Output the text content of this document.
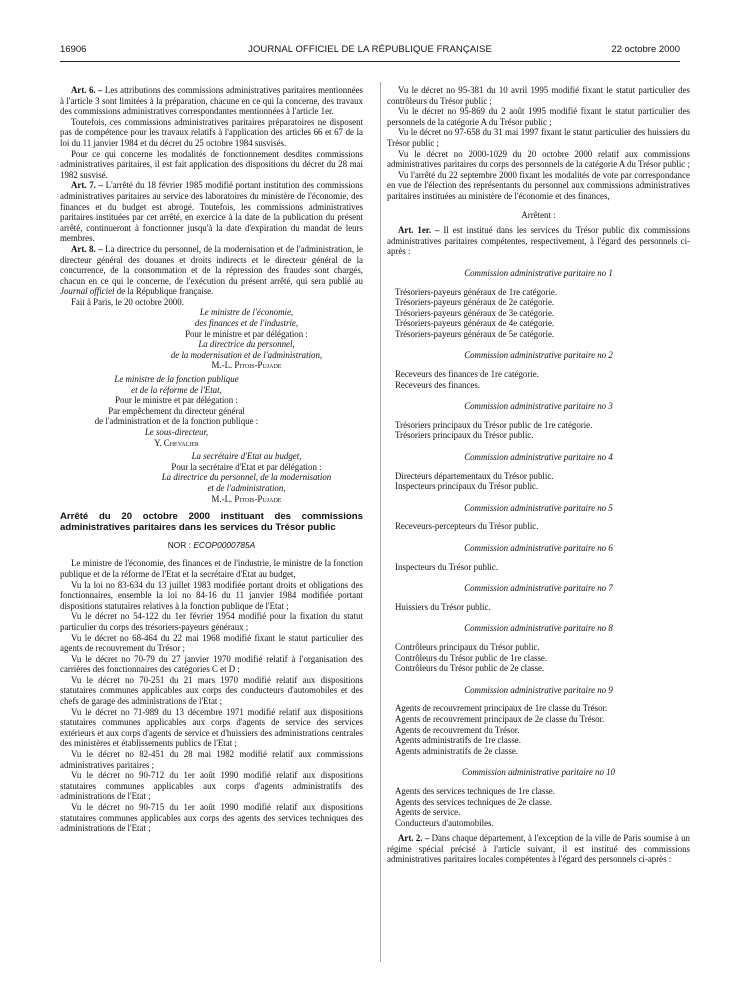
16906	JOURNAL OFFICIEL DE LA RÉPUBLIQUE FRANÇAISE	22 octobre 2000

Art. 6. – Les attributions des commissions administratives paritaires mentionnées à l'article 3 sont limitées à la préparation, chacune en ce qui la concerne, des travaux des commissions administratives correspondantes mentionnées à l'article 1er.

Toutefois, ces commissions administratives paritaires préparatoires ne disposent pas de compétence pour les travaux relatifs à l'application des articles 66 et 67 de la loi du 11 janvier 1984 et du décret du 25 octobre 1984 susvisés.

Pour ce qui concerne les modalités de fonctionnement desdites commissions administratives paritaires, il est fait application des dispositions du décret du 28 mai 1982 susvisé.

Art. 7. – L'arrêté du 18 février 1985 modifié portant institution des commissions administratives paritaires au service des laboratoires du ministère de l'économie, des finances et du budget est abrogé. Toutefois, les commissions administratives paritaires instituées par cet arrêté, en exercice à la date de la publication du présent arrêté, continueront à fonctionner jusqu'à la date d'expiration du mandat de leurs membres.

Art. 8. – La directrice du personnel, de la modernisation et de l'administration, le directeur général des douanes et droits indirects et le directeur général de la concurrence, de la consommation et de la répression des fraudes sont chargés, chacun en ce qui le concerne, de l'exécution du présent arrêté, qui sera publié au Journal officiel de la République française.

Fait à Paris, le 20 octobre 2000.

Le ministre de l'économie,
des finances et de l'industrie,
Pour le ministre et par délégation :
La directrice du personnel,
de la modernisation et de l'administration,
M.-L. Pitois-Pujade
Le ministre de la fonction publique
et de la réforme de l'Etat,
Pour le ministre et par délégation :
Par empêchement du directeur général
de l'administration et de la fonction publique :
Le sous-directeur,
Y. Chevalier
La secrétaire d'Etat au budget,
Pour la secrétaire d'Etat et par délégation :
La directrice du personnel, de la modernisation
et de l'administration,
M.-L. Pitois-Pujade

Arrêté du 20 octobre 2000 instituant des commissions administratives paritaires dans les services du Trésor public

NOR : ECOP0000785A

Le ministre de l'économie, des finances et de l'industrie, le ministre de la fonction publique et de la réforme de l'Etat et la secrétaire d'Etat au budget,

Vu la loi no 83-634 du 13 juillet 1983 modifiée portant droits et obligations des fonctionnaires, ensemble la loi no 84-16 du 11 janvier 1984 modifiée portant dispositions statutaires relatives à la fonction publique de l'Etat ;

Vu le décret no 54-122 du 1er février 1954 modifié pour la fixation du statut particulier du corps des trésoriers-payeurs généraux ;

Vu le décret no 68-464 du 22 mai 1968 modifié fixant le statut particulier des agents de recouvrement du Trésor ;

Vu le décret no 70-79 du 27 janvier 1970 modifié relatif à l'organisation des carrières des fonctionnaires des catégories C et D ;

Vu le décret no 70-251 du 21 mars 1970 modifié relatif aux dispositions statutaires communes applicables aux corps des conducteurs d'automobiles et des chefs de garage des administrations de l'Etat ;

Vu le décret no 71-989 du 13 décembre 1971 modifié relatif aux dispositions statutaires communes applicables aux corps d'agents de service des services extérieurs et aux corps d'agents de service et d'huissiers des administrations centrales des ministères et établissements publics de l'Etat ;

Vu le décret no 82-451 du 28 mai 1982 modifié relatif aux commissions administratives paritaires ;

Vu le décret no 90-712 du 1er août 1990 modifié relatif aux dispositions statutaires communes applicables aux corps d'agents administratifs des administrations de l'Etat ;

Vu le décret no 90-715 du 1er août 1990 modifié relatif aux dispositions statutaires communes applicables aux corps des agents des services techniques des administrations de l'Etat ;

Vu le décret no 95-381 du 10 avril 1995 modifié fixant le statut particulier des contrôleurs du Trésor public ;

Vu le décret no 95-869 du 2 août 1995 modifié fixant le statut particulier des personnels de la catégorie A du Trésor public ;

Vu le décret no 97-658 du 31 mai 1997 fixant le statut particulier des huissiers du Trésor public ;

Vu le décret no 2000-1029 du 20 octobre 2000 relatif aux commissions administratives paritaires du corps des personnels de la catégorie A du Trésor public ;

Vu l'arrêté du 22 septembre 2000 fixant les modalités de vote par correspondance en vue de l'élection des représentants du personnel aux commissions administratives paritaires instituées au ministère de l'économie et des finances,

Arrêtent :

Art. 1er. – Il est institué dans les services du Trésor public dix commissions administratives paritaires compétentes, respectivement, à l'égard des personnels ci-après :

Commission administrative paritaire no 1
Trésoriers-payeurs généraux de 1re catégorie.
Trésoriers-payeurs généraux de 2e catégorie.
Trésoriers-payeurs généraux de 3e catégorie.
Trésoriers-payeurs généraux de 4e catégorie.
Trésoriers-payeurs généraux de 5e catégorie.
Commission administrative paritaire no 2
Receveurs des finances de 1re catégorie.
Receveurs des finances.
Commission administrative paritaire no 3
Trésoriers principaux du Trésor public de 1re catégorie.
Trésoriers principaux du Trésor public.
Commission administrative paritaire no 4
Directeurs départementaux du Trésor public.
Inspecteurs principaux du Trésor public.
Commission administrative paritaire no 5
Receveurs-percepteurs du Trésor public.
Commission administrative paritaire no 6
Inspecteurs du Trésor public.
Commission administrative paritaire no 7
Huissiers du Trésor public.
Commission administrative paritaire no 8
Contrôleurs principaux du Trésor public.
Contrôleurs du Trésor public de 1re classe.
Contrôleurs du Trésor public de 2e classe.
Commission administrative paritaire no 9
Agents de recouvrement principaux de 1re classe du Trésor.
Agents de recouvrement principaux de 2e classe du Trésor.
Agents de recouvrement du Trésor.
Agents administratifs de 1re classe.
Agents administratifs de 2e classe.
Commission administrative paritaire no 10
Agents des services techniques de 1re classe.
Agents des services techniques de 2e classe.
Agents de service.
Conducteurs d'automobiles.

Art. 2. – Dans chaque département, à l'exception de la ville de Paris soumise à un régime spécial précisé à l'article suivant, il est institué des commissions administratives paritaires locales compétentes à l'égard des personnels ci-après :
